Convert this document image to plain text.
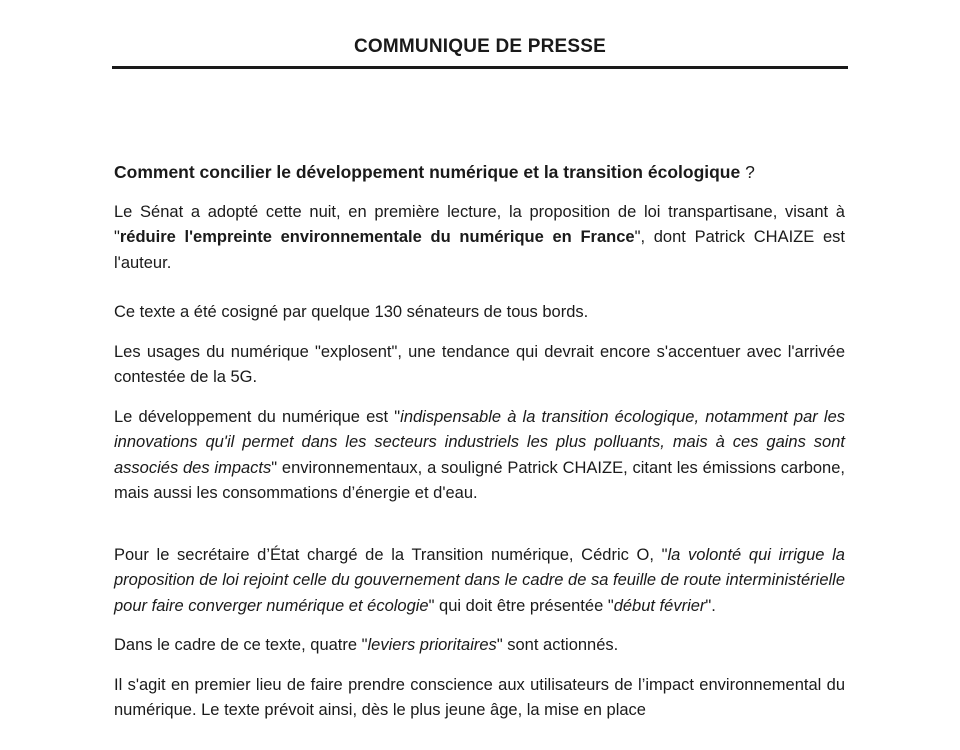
COMMUNIQUE DE PRESSE

Comment concilier le développement numérique et la transition écologique ?

Le Sénat a adopté cette nuit, en première lecture, la proposition de loi transpartisane, visant à "réduire l'empreinte environnementale du numérique en France", dont Patrick CHAIZE est l'auteur.

Ce texte a été cosigné par quelque 130 sénateurs de tous bords.

Les usages du numérique "explosent", une tendance qui devrait encore s'accentuer avec l'arrivée contestée de la 5G.

Le développement du numérique est "indispensable à la transition écologique, notamment par les innovations qu'il permet dans les secteurs industriels les plus polluants, mais à ces gains sont associés des impacts" environnementaux, a souligné Patrick CHAIZE, citant les émissions carbone, mais aussi les consommations d’énergie et d'eau.

Pour le secrétaire d’État chargé de la Transition numérique, Cédric O, "la volonté qui irrigue la proposition de loi rejoint celle du gouvernement dans le cadre de sa feuille de route interministérielle pour faire converger numérique et écologie" qui doit être présentée "début février".

Dans le cadre de ce texte, quatre "leviers prioritaires" sont actionnés.

Il s'agit en premier lieu de faire prendre conscience aux utilisateurs de l’impact environnemental du numérique. Le texte prévoit ainsi, dès le plus jeune âge, la mise en place
